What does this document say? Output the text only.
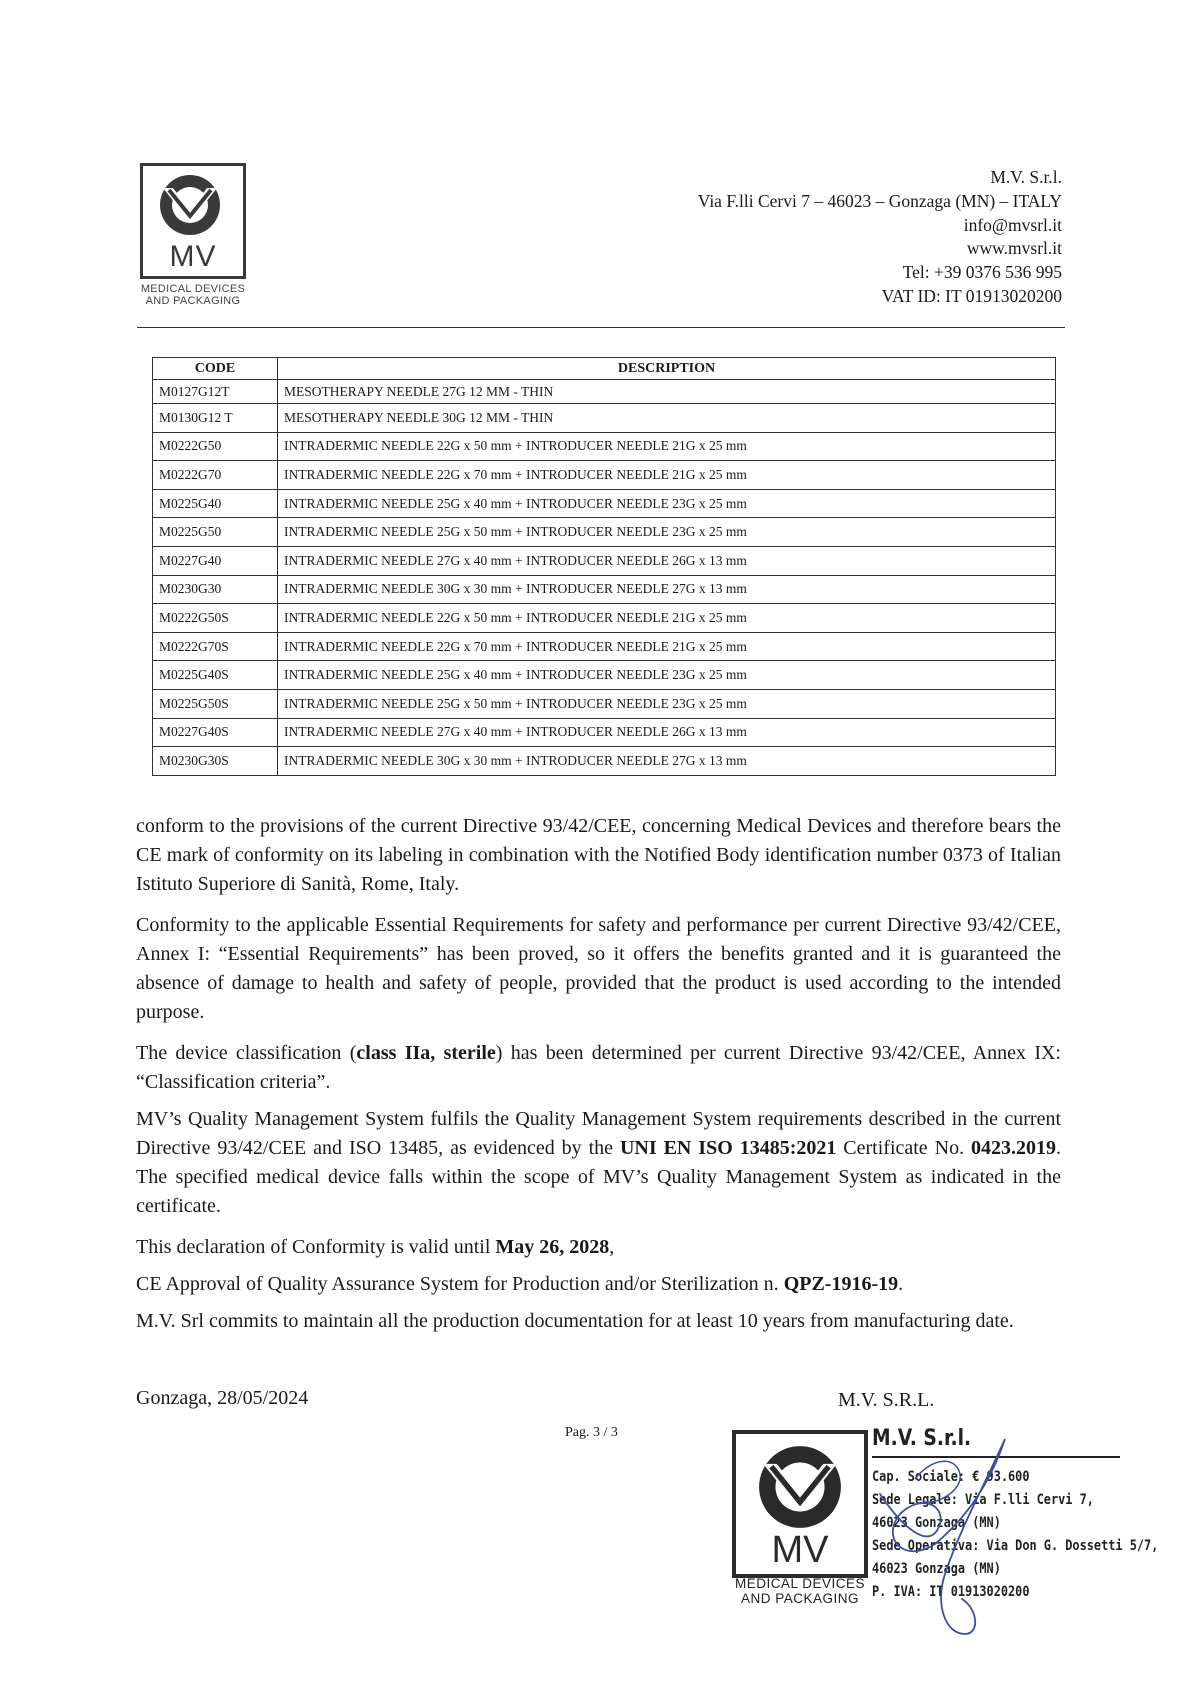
MV
MEDICAL DEVICES
AND PACKAGING
M.V. S.r.l.
Via F.lli Cervi 7 – 46023 – Gonzaga (MN) – ITALY
info@mvsrl.it
www.mvsrl.it
Tel: +39 0376 536 995
VAT ID: IT 01913020200
CODE	DESCRIPTION
M0127G12T	MESOTHERAPY NEEDLE 27G 12 MM - THIN
M0130G12 T	MESOTHERAPY NEEDLE 30G 12 MM - THIN
M0222G50	INTRADERMIC NEEDLE 22G x 50 mm + INTRODUCER NEEDLE 21G x 25 mm
M0222G70	INTRADERMIC NEEDLE 22G x 70 mm + INTRODUCER NEEDLE 21G x 25 mm
M0225G40	INTRADERMIC NEEDLE 25G x 40 mm + INTRODUCER NEEDLE 23G x 25 mm
M0225G50	INTRADERMIC NEEDLE 25G x 50 mm + INTRODUCER NEEDLE 23G x 25 mm
M0227G40	INTRADERMIC NEEDLE 27G x 40 mm + INTRODUCER NEEDLE 26G x 13 mm
M0230G30	INTRADERMIC NEEDLE 30G x 30 mm + INTRODUCER NEEDLE 27G x 13 mm
M0222G50S	INTRADERMIC NEEDLE 22G x 50 mm + INTRODUCER NEEDLE 21G x 25 mm
M0222G70S	INTRADERMIC NEEDLE 22G x 70 mm + INTRODUCER NEEDLE 21G x 25 mm
M0225G40S	INTRADERMIC NEEDLE 25G x 40 mm + INTRODUCER NEEDLE 23G x 25 mm
M0225G50S	INTRADERMIC NEEDLE 25G x 50 mm + INTRODUCER NEEDLE 23G x 25 mm
M0227G40S	INTRADERMIC NEEDLE 27G x 40 mm + INTRODUCER NEEDLE 26G x 13 mm
M0230G30S	INTRADERMIC NEEDLE 30G x 30 mm + INTRODUCER NEEDLE 27G x 13 mm

conform to the provisions of the current Directive 93/42/CEE, concerning Medical Devices and therefore bears the CE mark of conformity on its labeling in combination with the Notified Body identification number 0373 of Italian Istituto Superiore di Sanità, Rome, Italy.

Conformity to the applicable Essential Requirements for safety and performance per current Directive 93/42/CEE, Annex I: “Essential Requirements” has been proved, so it offers the benefits granted and it is guaranteed the absence of damage to health and safety of people, provided that the product is used according to the intended purpose.

The device classification (class IIa, sterile) has been determined per current Directive 93/42/CEE, Annex IX: “Classification criteria”.

MV’s Quality Management System fulfils the Quality Management System requirements described in the current Directive 93/42/CEE and ISO 13485, as evidenced by the UNI EN ISO 13485:2021 Certificate No. 0423.2019. The specified medical device falls within the scope of MV’s Quality Management System as indicated in the certificate.

This declaration of Conformity is valid until May 26, 2028,

CE Approval of Quality Assurance System for Production and/or Sterilization n. QPZ-1916-19.

M.V. Srl commits to maintain all the production documentation for at least 10 years from manufacturing date.

Gonzaga, 28/05/2024	M.V. S.R.L.
Pag. 3 / 3
MV
MEDICAL DEVICES
AND PACKAGING
M.V. S.r.l.
Cap. Sociale: € 93.600
Sede Legale: Via F.lli Cervi 7,
46023 Gonzaga (MN)
Sede Operativa: Via Don G. Dossetti 5/7,
46023 Gonzaga (MN)
P. IVA: IT 01913020200
